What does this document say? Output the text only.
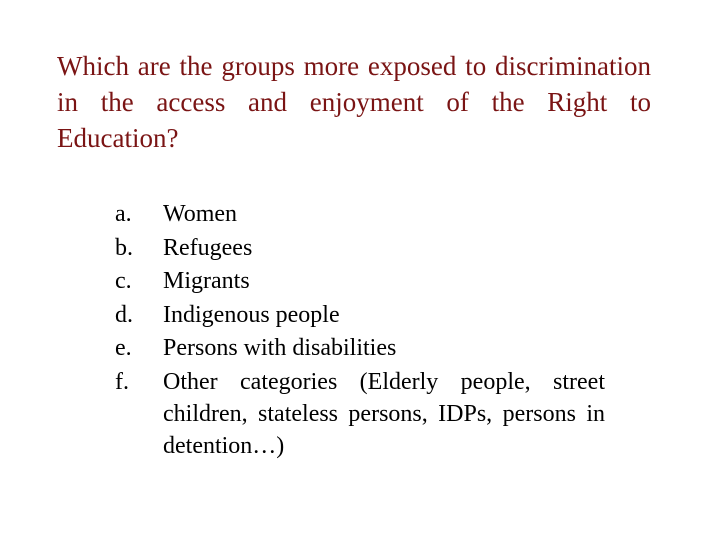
Which are the groups more exposed to discrimination in the access and enjoyment of the Right to Education?

a.	Women
b.	Refugees
c.	Migrants
d.	Indigenous people
e.	Persons with disabilities
f.	Other categories (Elderly people, street children, stateless persons, IDPs, persons in detention…)
